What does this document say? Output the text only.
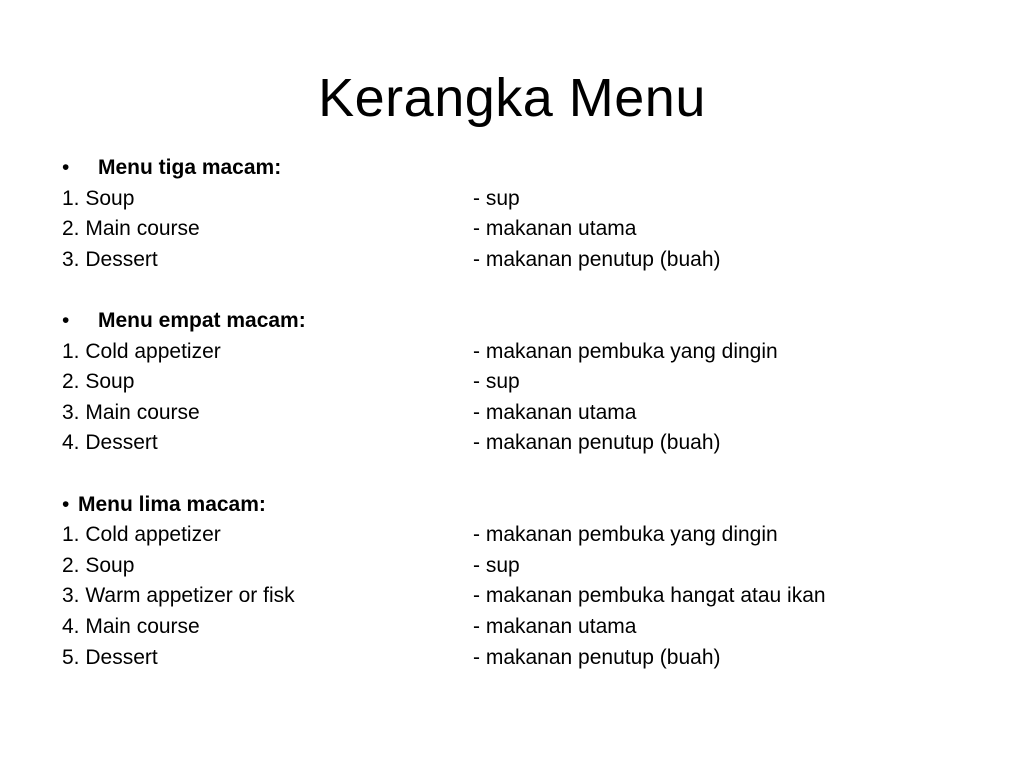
Kerangka Menu
• Menu tiga macam:
1. Soup	- sup
2. Main course	- makanan utama
3. Dessert	- makanan penutup (buah)
• Menu empat macam:
1. Cold appetizer	- makanan pembuka yang dingin
2. Soup	- sup
3. Main course	- makanan utama
4. Dessert	- makanan penutup (buah)
• Menu lima macam:
1. Cold appetizer	- makanan pembuka yang dingin
2. Soup	- sup
3. Warm appetizer or fisk	- makanan pembuka hangat atau ikan
4. Main course	- makanan utama
5. Dessert	- makanan penutup (buah)
